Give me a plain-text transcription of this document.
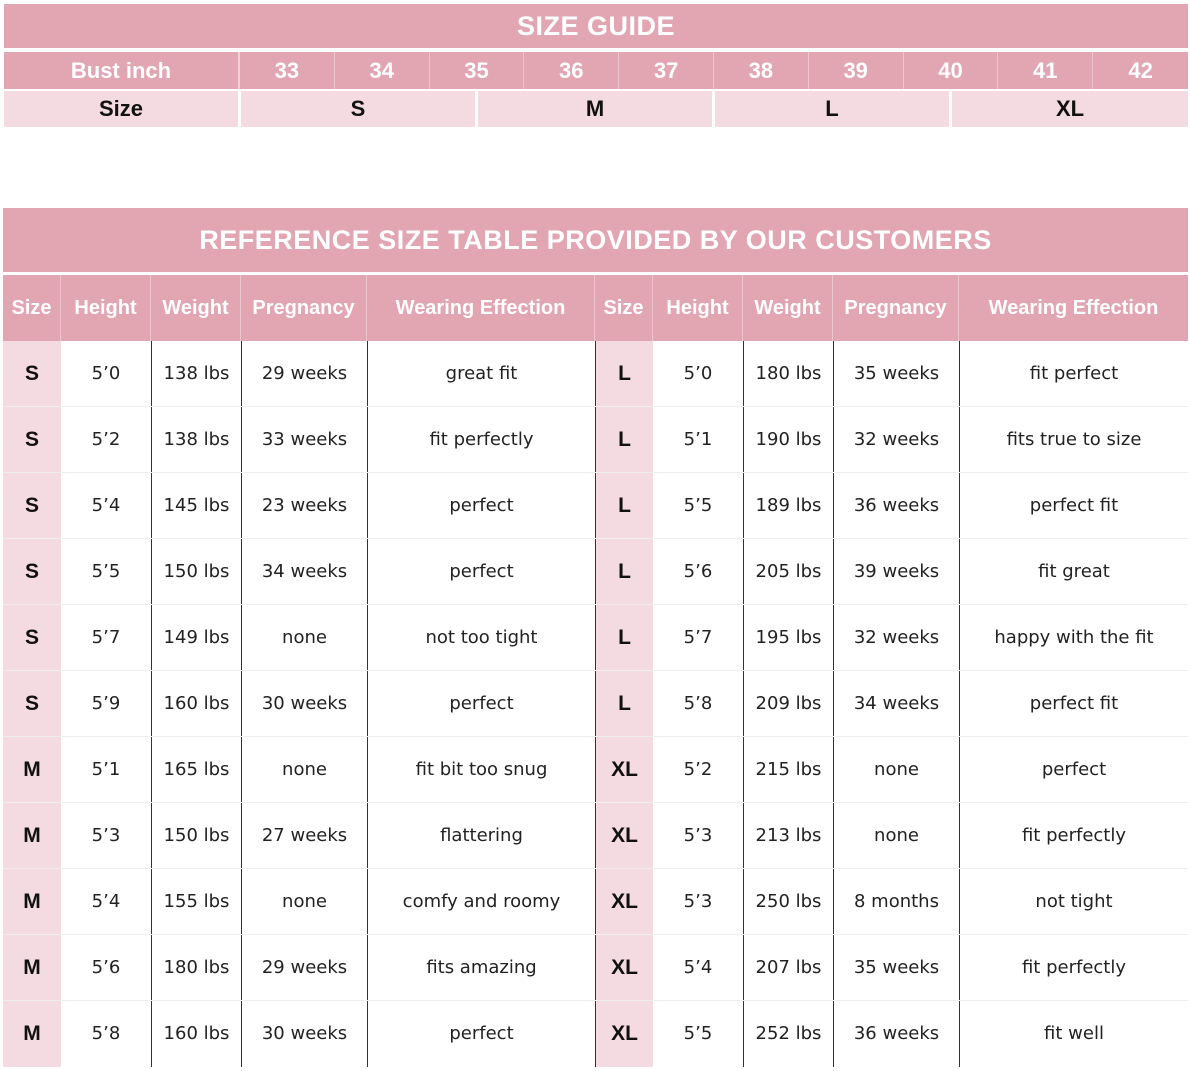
SIZE GUIDE
Bust inch	33	34	35	36	37	38	39	40	41	42
Size	S	M	L	XL
REFERENCE SIZE TABLE PROVIDED BY OUR CUSTOMERS
Size	Height	Weight	Pregnancy	Wearing Effection	Size	Height	Weight	Pregnancy	Wearing Effection
S	5’0	138 lbs	29 weeks	great fit	L	5’0	180 lbs	35 weeks	fit perfect
S	5’2	138 lbs	33 weeks	fit perfectly	L	5’1	190 lbs	32 weeks	fits true to size
S	5’4	145 lbs	23 weeks	perfect	L	5’5	189 lbs	36 weeks	perfect fit
S	5’5	150 lbs	34 weeks	perfect	L	5’6	205 lbs	39 weeks	fit great
S	5’7	149 lbs	none	not too tight	L	5’7	195 lbs	32 weeks	happy with the fit
S	5’9	160 lbs	30 weeks	perfect	L	5’8	209 lbs	34 weeks	perfect fit
M	5’1	165 lbs	none	fit bit too snug	XL	5’2	215 lbs	none	perfect
M	5’3	150 lbs	27 weeks	flattering	XL	5’3	213 lbs	none	fit perfectly
M	5’4	155 lbs	none	comfy and roomy	XL	5’3	250 lbs	8 months	not tight
M	5’6	180 lbs	29 weeks	fits amazing	XL	5’4	207 lbs	35 weeks	fit perfectly
M	5’8	160 lbs	30 weeks	perfect	XL	5’5	252 lbs	36 weeks	fit well
